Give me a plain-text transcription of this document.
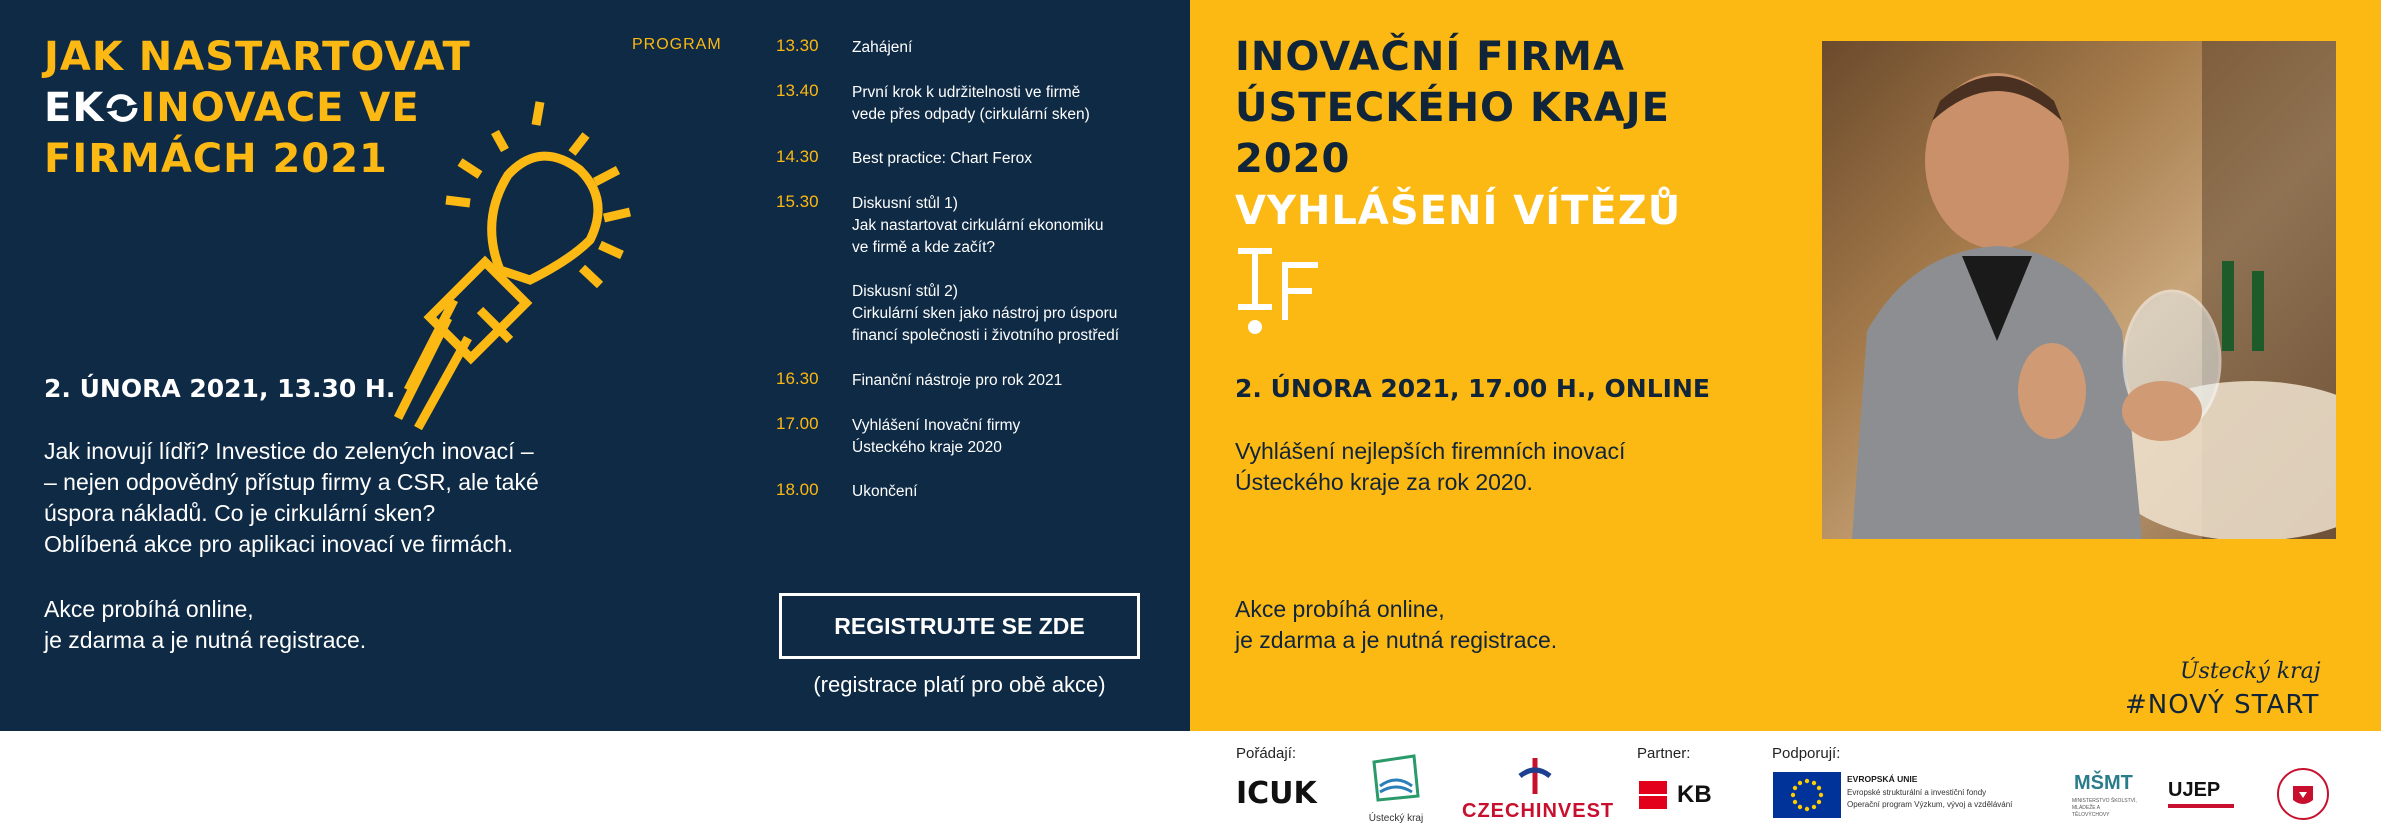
JAK NASTARTOVAT
EK INOVACE VE
FIRMÁCH 2021
2. ÚNORA 2021, 13.30 H.
Jak inovují lídři? Investice do zelených inovací –
– nejen odpovědný přístup firmy a CSR, ale také
úspora nákladů. Co je cirkulární sken?
Oblíbená akce pro aplikaci inovací ve firmách.
Akce probíhá online,
je zdarma a je nutná registrace.
PROGRAM	13.30	Zahájení
13.40	První krok k udržitelnosti ve firmě
vede přes odpady (cirkulární sken)
14.30	Best practice: Chart Ferox
15.30	Diskusní stůl 1)
Jak nastartovat cirkulární ekonomiku
ve firmě a kde začít?

Diskusní stůl 2)
Cirkulární sken jako nástroj pro úsporu
financí společnosti i životního prostředí
16.30	Finanční nástroje pro rok 2021
17.00	Vyhlášení Inovační firmy
Ústeckého kraje 2020
18.00	Ukončení
REGISTRUJTE SE ZDE
(registrace platí pro obě akce)
INOVAČNÍ FIRMA
ÚSTECKÉHO KRAJE
2020
VYHLÁŠENÍ VÍTĚZŮ
2. ÚNORA 2021, 17.00 H., ONLINE
Vyhlášení nejlepších firemních inovací
Ústeckého kraje za rok 2020.
Akce probíhá online,
je zdarma a je nutná registrace.
Ústecký kraj
#NOVÝ START
Pořádají:	Partner:	Podporují:
ICUK
Ústecký kraj CZECHINVEST
KB
EVROPSKÁ UNIE
Evropské strukturální a investiční fondy
Operační program Výzkum, vývoj a vzdělávání
MŠMT
MINISTERSTVO ŠKOLSTVÍ,
MLÁDEŽE A TĚLOVÝCHOVY
UJEP
